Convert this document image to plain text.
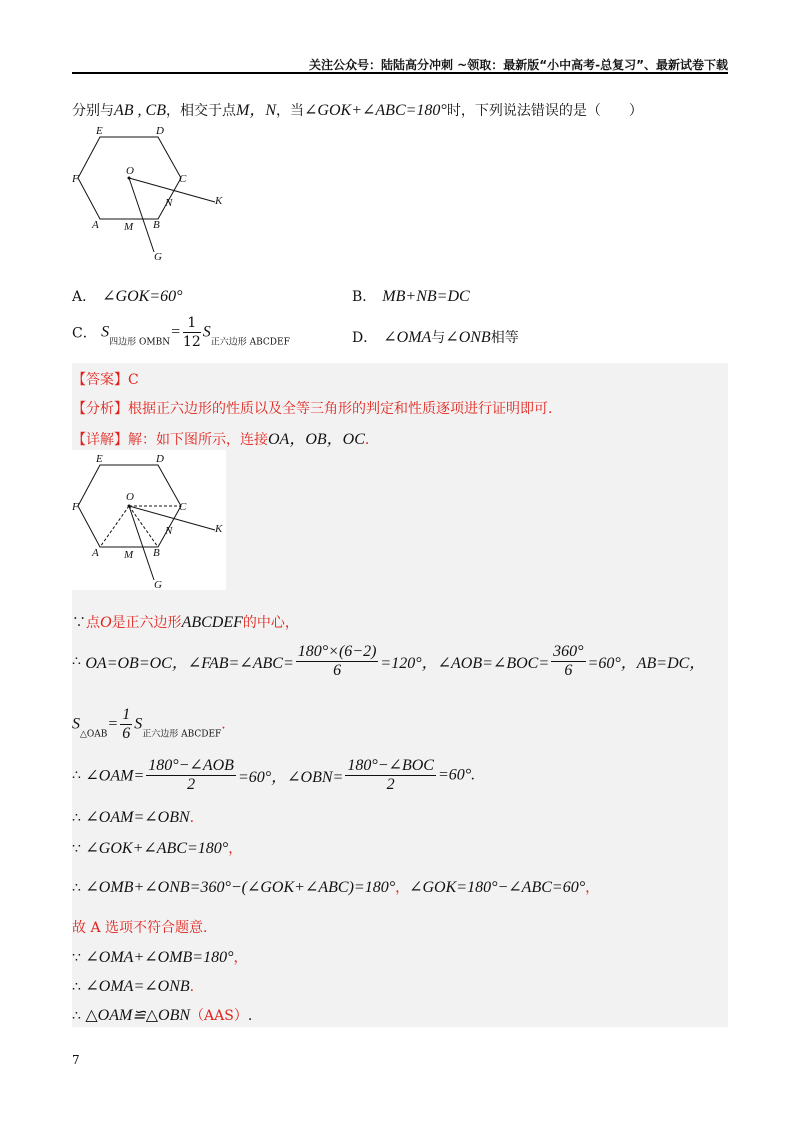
关注公众号：陆陆高分冲刺 ~领取：最新版“小中高考-总复习”、最新试卷下载
分别与AB , CB，相交于点M，N，当∠GOK+∠ABC=180°时，下列说法错误的是（　　）
E	D
F	C
A	B
O
N
M
K
G
A． ∠GOK=60°	B． MB+NB=DC
C． $S_{四边形 OMBN}= \frac{1}{12} S_{正六边形 ABCDEF}$	D． ∠OMA与∠ONB相等
【答案】C
【分析】根据正六边形的性质以及全等三角形的判定和性质逐项进行证明即可.
【详解】解：如下图所示，连接OA，OB，OC.
E	D
F	C
A	B
O
N
M
K
G
∵点O是正六边形ABCDEF的中心，
∴ OA=OB=OC，∠FAB=∠ABC= $\frac{180^\circ\times(6-2)}{6} =120^\circ$，∠AOB=∠BOC= $\frac{360^\circ}{6} =60^\circ$，AB=DC，
$S_{\triangle OAB}= \frac{1}{6} S_{正六边形 ABCDEF}$.
∴ ∠OAM= $\frac{\text{180°−∠AOB}}{2} =60^\circ$，∠OBN= $\frac{\text{180°−∠BOC}}{2} =60^\circ$.
∴ ∠OAM=∠OBN.
∵ ∠GOK+∠ABC=180°，
∴ ∠OMB+∠ONB=360°−(∠GOK+∠ABC)=180°，∠GOK=180°−∠ABC=60°，
故 A 选项不符合题意.
∵ ∠OMA+∠OMB=180°，
∴ ∠OMA=∠ONB.
∴ △OAM≌△OBN（AAS）.
7
